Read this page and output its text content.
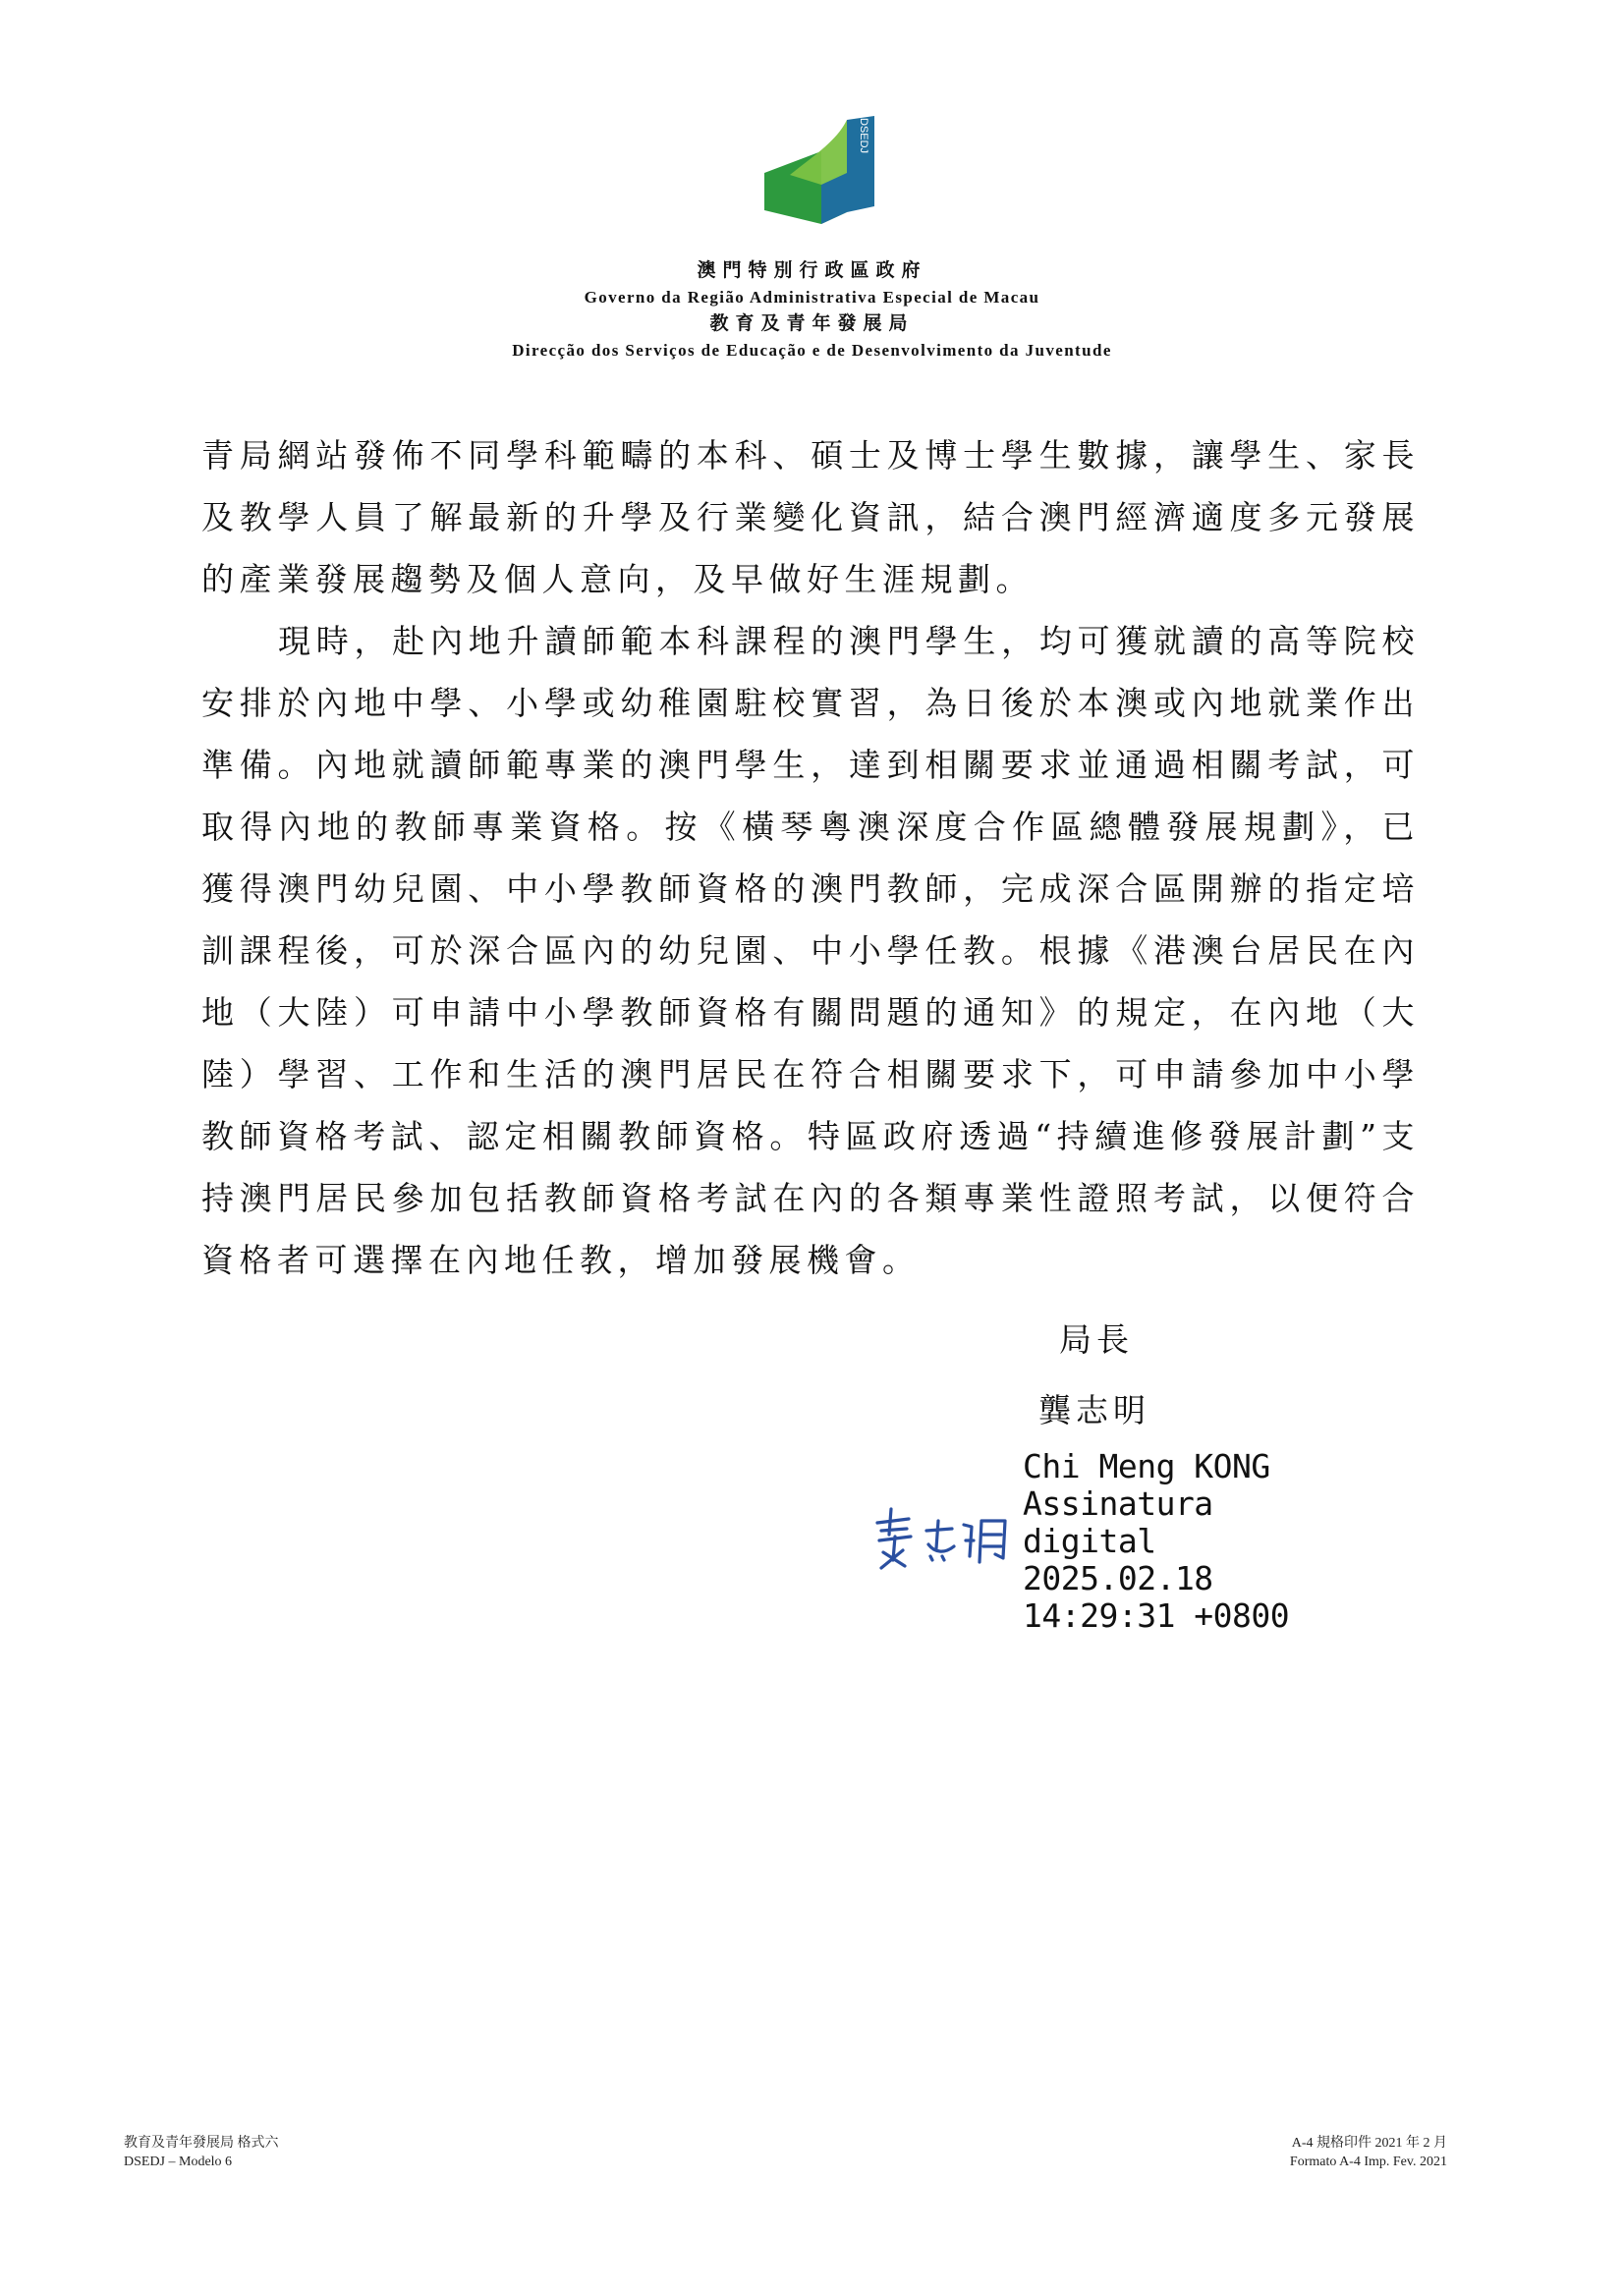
DSEDJ
澳門特別行政區政府
Governo da Região Administrativa Especial de Macau
教育及青年發展局
Direcção dos Serviços de Educação e de Desenvolvimento da Juventude

青局網站發佈不同學科範疇的本科、碩士及博士學生數據，讓學生、家長及教學人員了解最新的升學及行業變化資訊，結合澳門經濟適度多元發展的產業發展趨勢及個人意向，及早做好生涯規劃。

現時，赴內地升讀師範本科課程的澳門學生，均可獲就讀的高等院校安排於內地中學、小學或幼稚園駐校實習，為日後於本澳或內地就業作出準備。內地就讀師範專業的澳門學生，達到相關要求並通過相關考試，可取得內地的教師專業資格。按《橫琴粵澳深度合作區總體發展規劃》，已獲得澳門幼兒園、中小學教師資格的澳門教師，完成深合區開辦的指定培訓課程後，可於深合區內的幼兒園、中小學任教。根據《港澳台居民在內地（大陸）可申請中小學教師資格有關問題的通知》的規定，在內地（大陸）學習、工作和生活的澳門居民在符合相關要求下，可申請參加中小學教師資格考試、認定相關教師資格。特區政府透過“持續進修發展計劃”支持澳門居民參加包括教師資格考試在內的各類專業性證照考試，以便符合資格者可選擇在內地任教，增加發展機會。

局長
龔志明
Chi Meng KONG
Assinatura
digital
2025.02.18
14:29:31 +0800
教育及青年發展局 格式六
DSEDJ – Modelo 6
A-4 規格印件 2021 年 2 月
Formato A-4 Imp. Fev. 2021
